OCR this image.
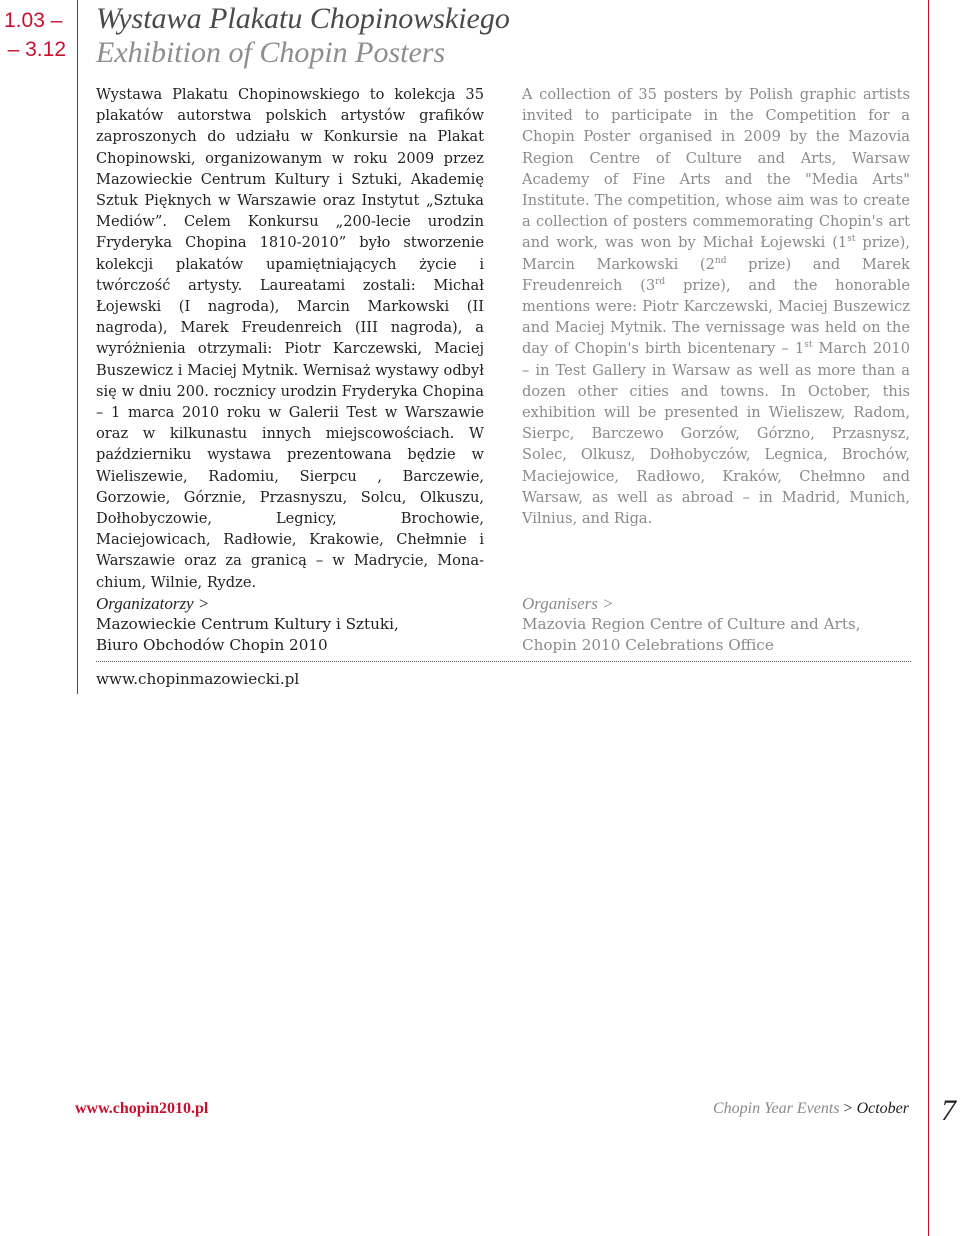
1.03 –
– 3.12
Wystawa Plakatu Chopinowskiego
Exhibition of Chopin Posters

Wystawa Plakatu Chopinowskiego to kolekcja 35 plakatów autorstwa polskich artystów grafików zaproszonych do udziału w Konkursie na Plakat Chopinowski, organizowanym w roku 2009 przez Mazowieckie Centrum Kultury i Sztuki, Akademię Sztuk Pięknych w Warszawie oraz Instytut „Sztuka Mediów”. Celem Konkursu „200-lecie urodzin Fryderyka Chopina 1810-2010” było stworzenie kolekcji plakatów upamiętniających życie i twórczość artysty. Laureatami zostali: Michał Łojewski (I nagroda), Marcin Markowski (II nagroda), Marek Freudenreich (III nagroda), a wyróżnienia otrzymali: Piotr Karczewski, Maciej Buszewicz i Maciej Mytnik. Wernisaż wystawy odbył się w dniu 200. rocznicy urodzin Fryderyka Chopina – 1 marca 2010 roku w Galerii Test w Warszawie oraz w kilkunastu innych miejscowościach. W październiku wystawa prezentowana będzie w Wieliszewie, Radomiu, Sierpcu , Barczewie, Gorzowie, Górznie, Przasnyszu, Solcu, Olkuszu, Dołhobyczowie, Legnicy, Brochowie, Maciejowicach, Radłowie, Krakowie, Chełmnie i Warszawie oraz za granicą – w Madrycie, Monachium, Wilnie, Rydze.

A collection of 35 posters by Polish graphic artists invited to participate in the Competition for a Chopin Poster organised in 2009 by the Mazovia Region Centre of Culture and Arts, Warsaw Academy of Fine Arts and the "Media Arts" Institute. The competition, whose aim was to create a collection of posters commemorating Chopin's art and work, was won by Michał Łojewski (1st prize), Marcin Markowski (2nd prize) and Marek Freudenreich (3rd prize), and the honorable mentions were: Piotr Karczewski, Maciej Buszewicz and Maciej Mytnik. The vernissage was held on the day of Chopin's birth bicentenary – 1st March 2010 – in Test Gallery in Warsaw as well as more than a dozen other cities and towns. In October, this exhibition will be presented in Wieliszew, Radom, Sierpc, Barczewo Gorzów, Górzno, Przasnysz, Solec, Olkusz, Dołhobyczów, Legnica, Brochów, Maciejowice, Radłowo, Kraków, Chełmno and Warsaw, as well as abroad – in Madrid, Munich, Vilnius, and Riga.

Organizatorzy >
Mazowieckie Centrum Kultury i Sztuki,
Biuro Obchodów Chopin 2010
Organisers >
Mazovia Region Centre of Culture and Arts,
Chopin 2010 Celebrations Office
www.chopinmazowiecki.pl
www.chopin2010.pl	Chopin Year Events > October 7
